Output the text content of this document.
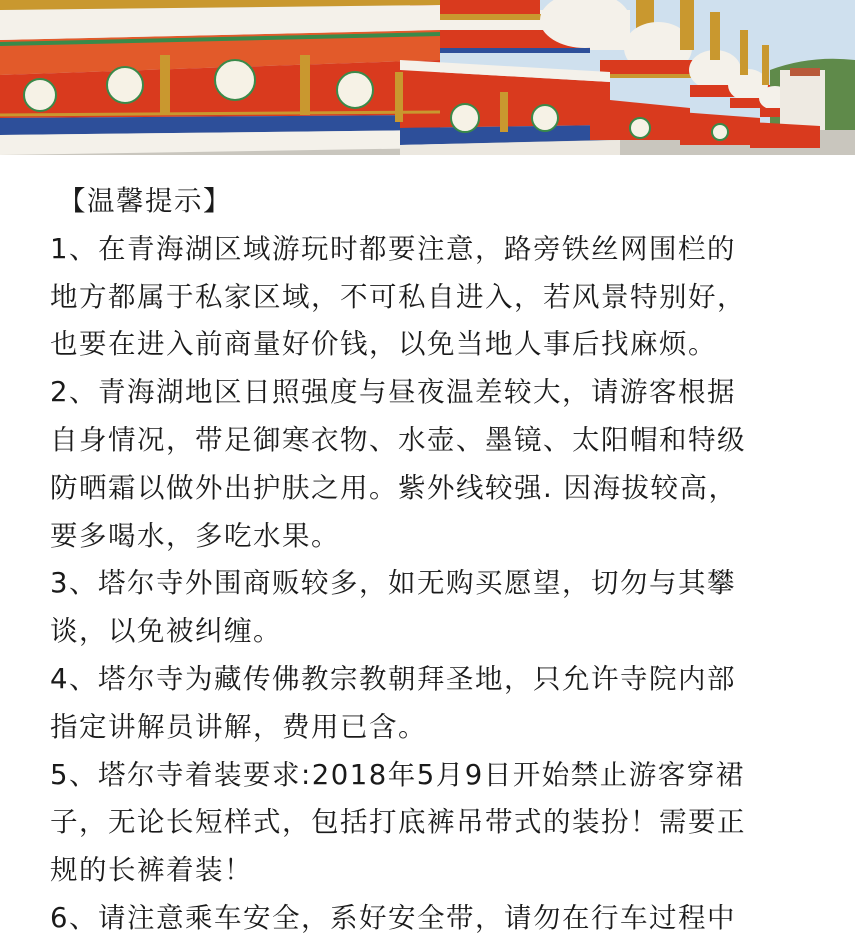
【温馨提示】
1、在青海湖区域游玩时都要注意，路旁铁丝网围栏的
地方都属于私家区域，不可私自进入，若风景特别好，
也要在进入前商量好价钱，以免当地人事后找麻烦。
2、青海湖地区日照强度与昼夜温差较大，请游客根据
自身情况，带足御寒衣物、水壶、墨镜、太阳帽和特级
防晒霜以做外出护肤之用。紫外线较强. 因海拔较高，
要多喝水，多吃水果。
3、塔尔寺外围商贩较多，如无购买愿望，切勿与其攀
谈，以免被纠缠。
4、塔尔寺为藏传佛教宗教朝拜圣地，只允许寺院内部
指定讲解员讲解，费用已含。
5、塔尔寺着装要求:2018年5月9日开始禁止游客穿裙
子，无论长短样式，包括打底裤吊带式的装扮！需要正
规的长裤着装！
6、请注意乘车安全，系好安全带，请勿在行车过程中
